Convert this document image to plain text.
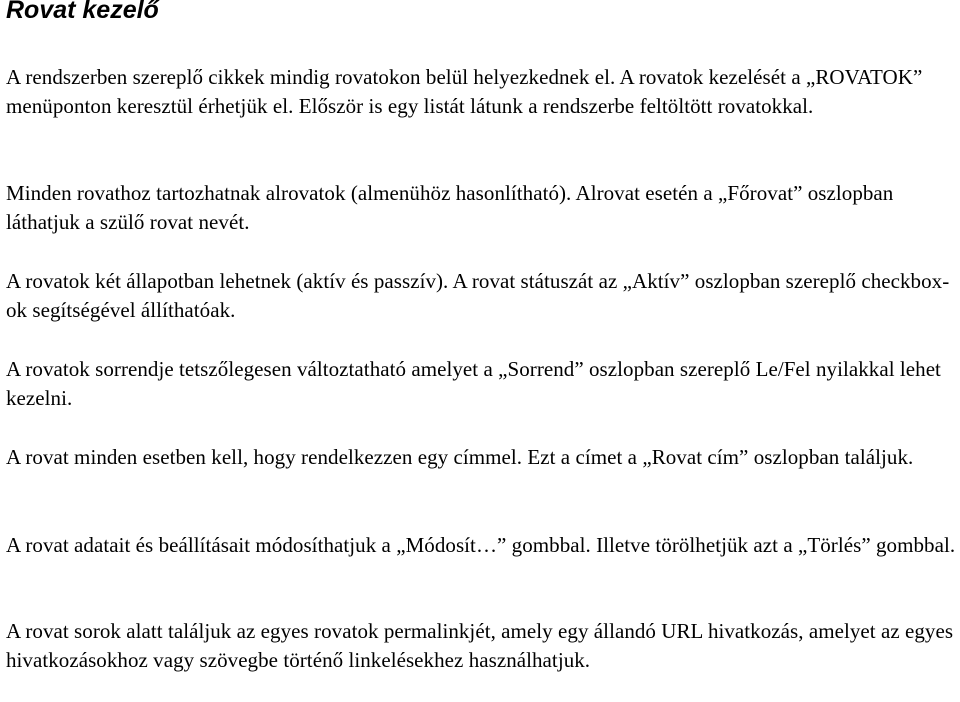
Rovat kezelő

A rendszerben szereplő cikkek mindig rovatokon belül helyezkednek el. A rovatok kezelését a „ROVATOK” menüponton keresztül érhetjük el. Először is egy listát látunk a rendszerbe feltöltött rovatokkal.

Minden rovathoz tartozhatnak alrovatok (almenühöz hasonlítható). Alrovat esetén a „Főrovat” oszlopban láthatjuk a szülő rovat nevét.

A rovatok két állapotban lehetnek (aktív és passzív). A rovat státuszát az „Aktív” oszlopban szereplő checkbox-ok segítségével állíthatóak.

A rovatok sorrendje tetszőlegesen változtatható amelyet a „Sorrend” oszlopban szereplő Le/Fel nyilakkal lehet kezelni.

A rovat minden esetben kell, hogy rendelkezzen egy címmel. Ezt a címet a „Rovat cím” oszlopban találjuk.

A rovat adatait és beállításait módosíthatjuk a „Módosít…” gombbal. Illetve törölhetjük azt a „Törlés” gombbal.

A rovat sorok alatt találjuk az egyes rovatok permalinkjét, amely egy állandó URL hivatkozás, amelyet az egyes hivatkozásokhoz vagy szövegbe történő linkelésekhez használhatjuk.
